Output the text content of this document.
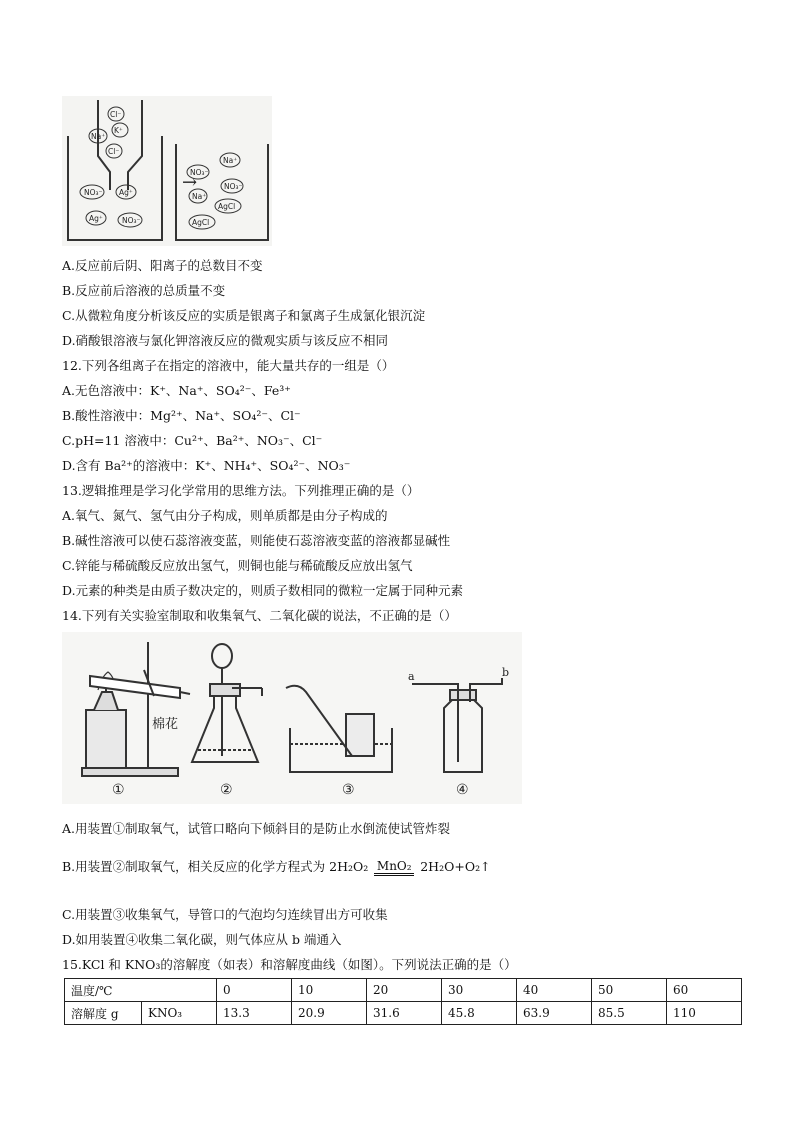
Cl⁻
Na⁺
K⁺
Cl⁻
NO₃⁻ Ag⁺
Ag⁺	NO₃⁻
→
Na⁺
NO₃⁻
NO₃⁻
Na⁺
AgCl
AgCl
A.反应前后阴、阳离子的总数目不变
B.反应前后溶液的总质量不变
C.从微粒角度分析该反应的实质是银离子和氯离子生成氯化银沉淀
D.硝酸银溶液与氯化钾溶液反应的微观实质与该反应不相同
12.下列各组离子在指定的溶液中，能大量共存的一组是（）
A.无色溶液中：K⁺、Na⁺、SO₄²⁻、Fe³⁺
B.酸性溶液中：Mg²⁺、Na⁺、SO₄²⁻、Cl⁻
C.pH=11 溶液中：Cu²⁺、Ba²⁺、NO₃⁻、Cl⁻
D.含有 Ba²⁺的溶液中：K⁺、NH₄⁺、SO₄²⁻、NO₃⁻
13.逻辑推理是学习化学常用的思维方法。下列推理正确的是（）
A.氧气、氮气、氢气由分子构成，则单质都是由分子构成的
B.碱性溶液可以使石蕊溶液变蓝，则能使石蕊溶液变蓝的溶液都显碱性
C.锌能与稀硫酸反应放出氢气，则铜也能与稀硫酸反应放出氢气
D.元素的种类是由质子数决定的，则质子数相同的微粒一定属于同种元素
14.下列有关实验室制取和收集氧气、二氧化碳的说法，不正确的是（）
棉花
①	②	③
a	b
④
A.用装置①制取氧气，试管口略向下倾斜目的是防止水倒流使试管炸裂
B.用装置②制取氧气，相关反应的化学方程式为 2H₂O₂ MnO₂ 2H₂O+O₂↑
C.用装置③收集氧气，导管口的气泡均匀连续冒出方可收集
D.如用装置④收集二氧化碳，则气体应从 b 端通入
15.KCl 和 KNO₃的溶解度（如表）和溶解度曲线（如图）。下列说法正确的是（）
温度/℃		0	10	20	30	40	50	60
溶解度 g	KNO₃	13.3	20.9	31.6	45.8	63.9	85.5	110
